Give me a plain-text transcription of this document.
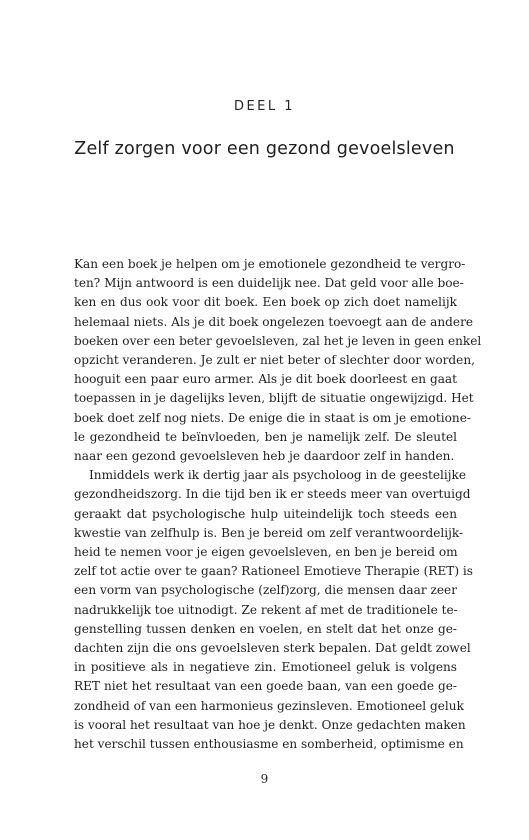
DEEL 1
Zelf zorgen voor een gezond gevoelsleven
Kan een boek je helpen om je emotionele gezondheid te vergro-
ten? Mijn antwoord is een duidelijk nee. Dat geld voor alle boe-
ken en dus ook voor dit boek. Een boek op zich doet namelijk
helemaal niets. Als je dit boek ongelezen toevoegt aan de andere
boeken over een beter gevoelsleven, zal het je leven in geen enkel
opzicht veranderen. Je zult er niet beter of slechter door worden,
hooguit een paar euro armer. Als je dit boek doorleest en gaat
toepassen in je dagelijks leven, blijft de situatie ongewijzigd. Het
boek doet zelf nog niets. De enige die in staat is om je emotione-
le gezondheid te beïnvloeden, ben je namelijk zelf. De sleutel
naar een gezond gevoelsleven heb je daardoor zelf in handen.
Inmiddels werk ik dertig jaar als psycholoog in de geestelijke
gezondheidszorg. In die tijd ben ik er steeds meer van overtuigd
geraakt dat psychologische hulp uiteindelijk toch steeds een
kwestie van zelfhulp is. Ben je bereid om zelf verantwoordelijk-
heid te nemen voor je eigen gevoelsleven, en ben je bereid om
zelf tot actie over te gaan? Rationeel Emotieve Therapie (RET) is
een vorm van psychologische (zelf)zorg, die mensen daar zeer
nadrukkelijk toe uitnodigt. Ze rekent af met de traditionele te-
genstelling tussen denken en voelen, en stelt dat het onze ge-
dachten zijn die ons gevoelsleven sterk bepalen. Dat geldt zowel
in positieve als in negatieve zin. Emotioneel geluk is volgens
RET niet het resultaat van een goede baan, van een goede ge-
zondheid of van een harmonieus gezinsleven. Emotioneel geluk
is vooral het resultaat van hoe je denkt. Onze gedachten maken
het verschil tussen enthousiasme en somberheid, optimisme en
9
